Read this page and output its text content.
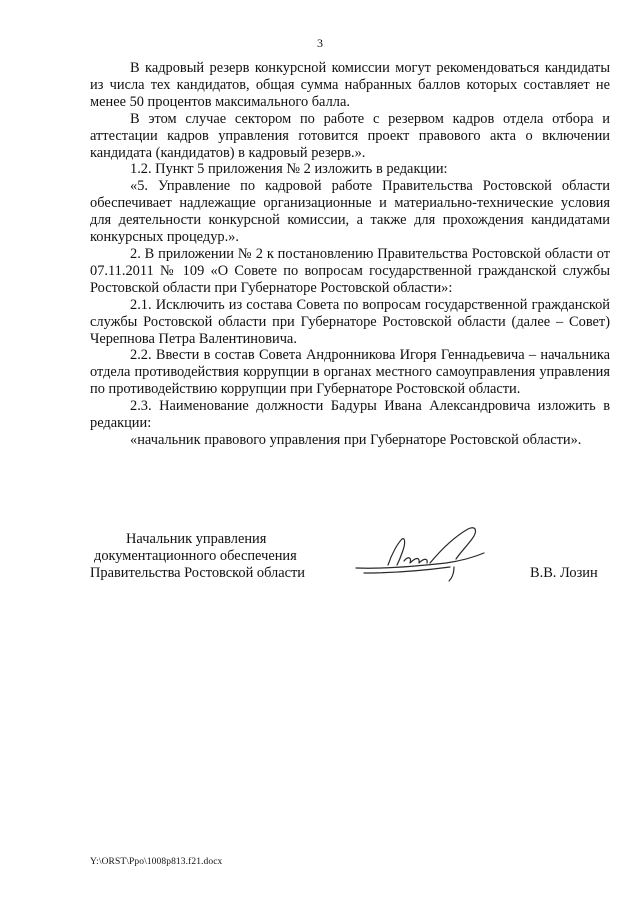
3

В кадровый резерв конкурсной комиссии могут рекомендоваться кандидаты из числа тех кандидатов, общая сумма набранных баллов которых составляет не менее 50 процентов максимального балла.

В этом случае сектором по работе с резервом кадров отдела отбора и аттестации кадров управления готовится проект правового акта о включении кандидата (кандидатов) в кадровый резерв.».

1.2. Пункт 5 приложения № 2 изложить в редакции:

«5. Управление по кадровой работе Правительства Ростовской области обеспечивает надлежащие организационные и материально-технические условия для деятельности конкурсной комиссии, а также для прохождения кандидатами конкурсных процедур.».

2. В приложении № 2 к постановлению Правительства Ростовской области от 07.11.2011 № 109 «О Совете по вопросам государственной гражданской службы Ростовской области при Губернаторе Ростовской области»:

2.1. Исключить из состава Совета по вопросам государственной гражданской службы Ростовской области при Губернаторе Ростовской области (далее – Совет) Черепнова Петра Валентиновича.

2.2. Ввести в состав Совета Андронникова Игоря Геннадьевича – начальника отдела противодействия коррупции в органах местного самоуправления управления по противодействию коррупции при Губернаторе Ростовской области.

2.3. Наименование должности Бадуры Ивана Александровича изложить в редакции:

«начальник правового управления при Губернаторе Ростовской области».

Начальник управления
документационного обеспечения
Правительства Ростовской области	В.В. Лозин
Y:\ORST\Ppo\1008p813.f21.docx
